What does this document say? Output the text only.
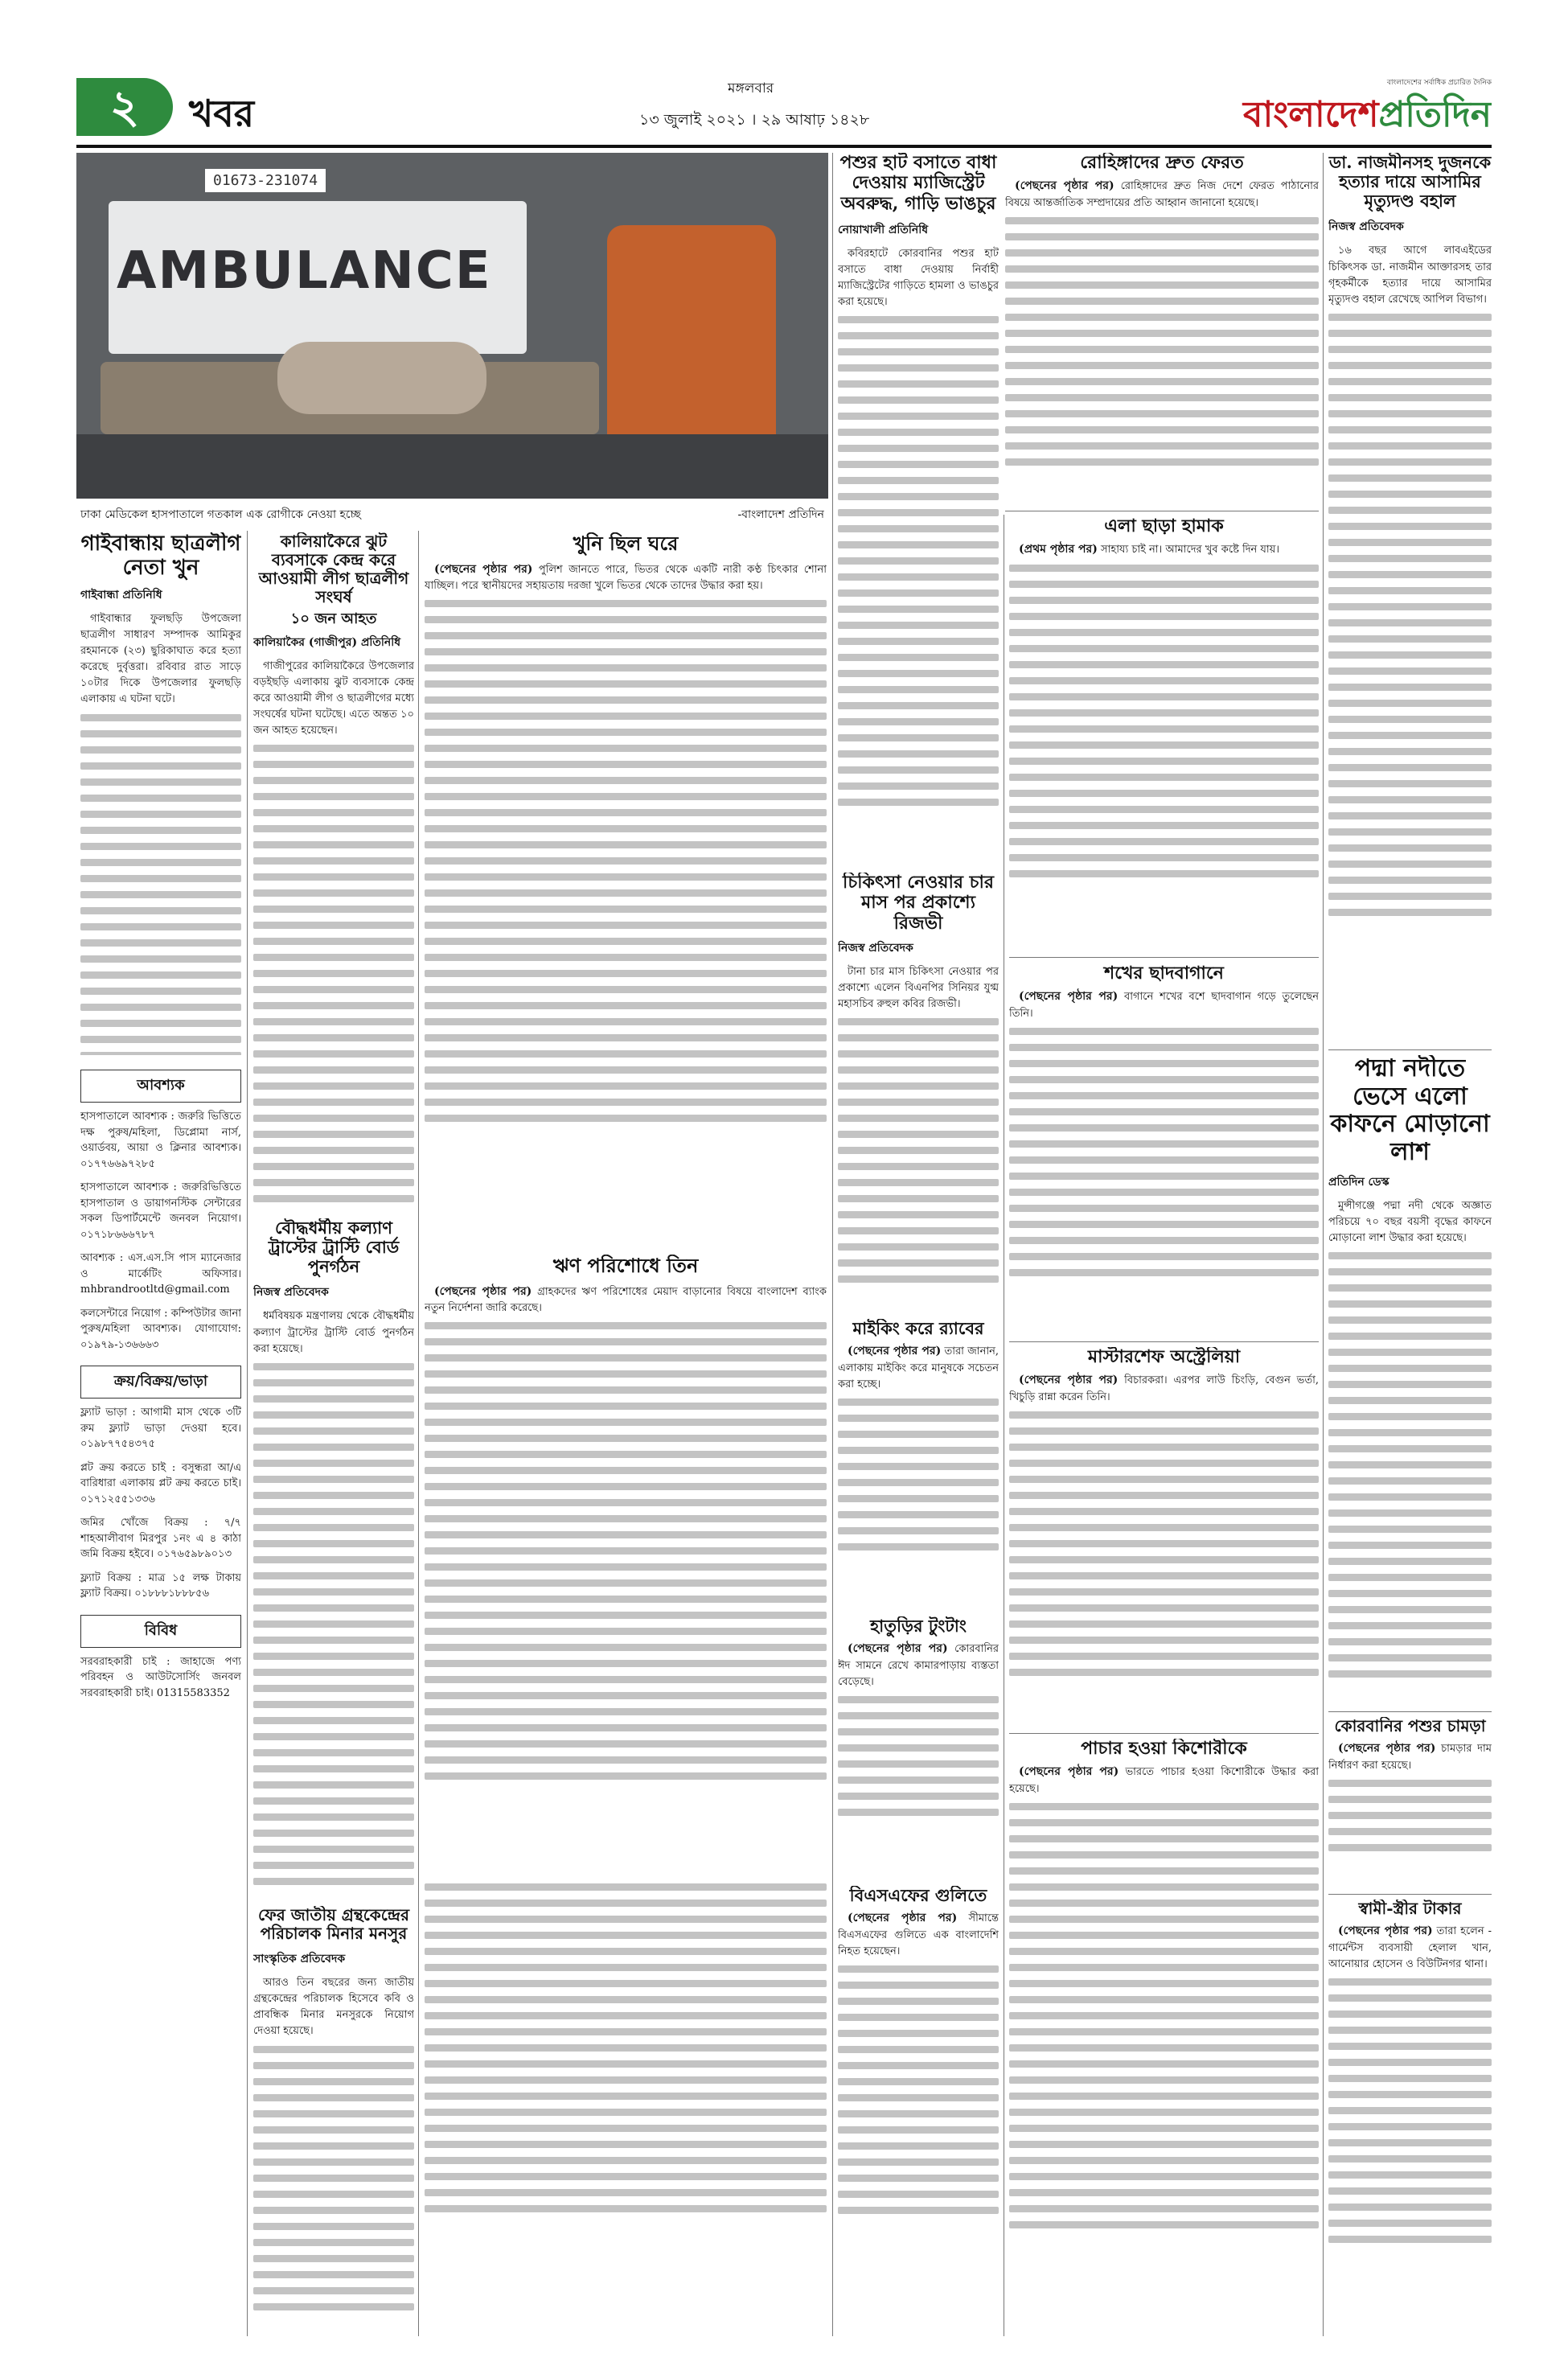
২	খবর
মঙ্গলবার
১৩ জুলাই ২০২১ । ২৯ আষাঢ় ১৪২৮
বাংলাদেশের সর্বাধিক প্রচারিত দৈনিক
বাংলাদেশপ্রতিদিন
01673-231074
AMBULANCE
ঢাকা মেডিকেল হাসপাতালে গতকাল এক রোগীকে নেওয়া হচ্ছে	-বাংলাদেশ প্রতিদিন
গাইবান্ধায় ছাত্রলীগ নেতা খুন
গাইবান্ধা প্রতিনিধি

গাইবান্ধার ফুলছড়ি উপজেলা ছাত্রলীগ সাধারণ সম্পাদক আমিকুর রহমানকে (২৩) ছুরিকাঘাত করে হত্যা করেছে দুর্বৃত্তরা। রবিবার রাত সাড়ে ১০টার দিকে উপজেলার ফুলছড়ি এলাকায় এ ঘটনা ঘটে।

আবশ্যক
হাসপাতালে আবশ্যক : জরুরি ভিত্তিতে দক্ষ পুরুষ/মহিলা, ডিপ্লোমা নার্স, ওয়ার্ডবয়, আয়া ও ক্লিনার আবশ্যক। ০১৭৭৬৬৯৭২৮৫
হাসপাতালে আবশ্যক : জরুরিভিত্তিতে হাসপাতাল ও ডায়াগনস্টিক সেন্টারের সকল ডিপার্টমেন্টে জনবল নিয়োগ। ০১৭১৮৬৬৬৭৮৭
আবশ্যক : এস.এস.সি পাস ম্যানেজার ও মার্কেটিং অফিসার। mhbrandrootltd@gmail.com
কলসেন্টারে নিয়োগ : কম্পিউটার জানা পুরুষ/মহিলা আবশ্যক। যোগাযোগ: ০১৯৭৯-১৩৬৬৬৩
ক্রয়/বিক্রয়/ভাড়া
ফ্ল্যাট ভাড়া : আগামী মাস থেকে ৩টি রুম ফ্ল্যাট ভাড়া দেওয়া হবে। ০১৯৮৭৭৫৪৩৭৫
প্লট ক্রয় করতে চাই : বসুন্ধরা আ/এ বারিধারা এলাকায় প্লট ক্রয় করতে চাই। ০১৭১২৫৫১৩৩৬
জমির খোঁজে বিক্রয় : ৭/৭ শাহআলীবাগ মিরপুর ১নং এ ৪ কাঠা জমি বিক্রয় হইবে। ০১৭৬৫৯৮৯০১৩
ফ্ল্যাট বিক্রয় : মাত্র ১৫ লক্ষ টাকায় ফ্ল্যাট বিক্রয়। ০১৮৮৮১৮৮৮৫৬
বিবিধ
সরবরাহকারী চাই : জাহাজে পণ্য পরিবহন ও আউটসোর্সিং জনবল সরবরাহকারী চাই। 01315583352
কালিয়াকৈরে ঝুট ব্যবসাকে কেন্দ্র করে আওয়ামী লীগ ছাত্রলীগ সংঘর্ষ
১০ জন আহত
কালিয়াকৈর (গাজীপুর) প্রতিনিধি

গাজীপুরের কালিয়াকৈরে উপজেলার বড়ইছড়ি এলাকায় ঝুট ব্যবসাকে কেন্দ্র করে আওয়ামী লীগ ও ছাত্রলীগের মধ্যে সংঘর্ষের ঘটনা ঘটেছে। এতে অন্তত ১০ জন আহত হয়েছেন।

বৌদ্ধধর্মীয় কল্যাণ ট্রাস্টের ট্রাস্টি বোর্ড পুনর্গঠন
নিজস্ব প্রতিবেদক

ধর্মবিষয়ক মন্ত্রণালয় থেকে বৌদ্ধধর্মীয় কল্যাণ ট্রাস্টের ট্রাস্টি বোর্ড পুনর্গঠন করা হয়েছে।

ফের জাতীয় গ্রন্থকেন্দ্রের পরিচালক মিনার মনসুর
সাংস্কৃতিক প্রতিবেদক

আরও তিন বছরের জন্য জাতীয় গ্রন্থকেন্দ্রের পরিচালক হিসেবে কবি ও প্রাবন্ধিক মিনার মনসুরকে নিয়োগ দেওয়া হয়েছে।

খুনি ছিল ঘরে

(পেছনের পৃষ্ঠার পর) পুলিশ জানতে পারে, ভিতর থেকে একটি নারী কণ্ঠ চিৎকার শোনা যাচ্ছিল। পরে স্থানীয়দের সহায়তায় দরজা খুলে ভিতর থেকে তাদের উদ্ধার করা হয়।

ঋণ পরিশোধে তিন

(পেছনের পৃষ্ঠার পর) গ্রাহকদের ঋণ পরিশোধের মেয়াদ বাড়ানোর বিষয়ে বাংলাদেশ ব্যাংক নতুন নির্দেশনা জারি করেছে।

পশুর হাট বসাতে বাধা দেওয়ায় ম্যাজিস্ট্রেট অবরুদ্ধ, গাড়ি ভাঙচুর
নোয়াখালী প্রতিনিধি

কবিরহাটে কোরবানির পশুর হাট বসাতে বাধা দেওয়ায় নির্বাহী ম্যাজিস্ট্রেটের গাড়িতে হামলা ও ভাঙচুর করা হয়েছে।

চিকিৎসা নেওয়ার চার মাস পর প্রকাশ্যে রিজভী
নিজস্ব প্রতিবেদক

টানা চার মাস চিকিৎসা নেওয়ার পর প্রকাশ্যে এলেন বিএনপির সিনিয়র যুগ্ম মহাসচিব রুহুল কবির রিজভী।

মাইকিং করে র‌্যাবের

(পেছনের পৃষ্ঠার পর) তারা জানান, এলাকায় মাইকিং করে মানুষকে সচেতন করা হচ্ছে।

হাতুড়ির টুংটাং

(পেছনের পৃষ্ঠার পর) কোরবানির ঈদ সামনে রেখে কামারপাড়ায় ব্যস্ততা বেড়েছে।

বিএসএফের গুলিতে

(পেছনের পৃষ্ঠার পর) সীমান্তে বিএসএফের গুলিতে এক বাংলাদেশি নিহত হয়েছেন।

রোহিঙ্গাদের দ্রুত ফেরত

(পেছনের পৃষ্ঠার পর) রোহিঙ্গাদের দ্রুত নিজ দেশে ফেরত পাঠানোর বিষয়ে আন্তর্জাতিক সম্প্রদায়ের প্রতি আহ্বান জানানো হয়েছে।

এলা ছাড়া হামাক

(প্রথম পৃষ্ঠার পর) সাহায্য চাই না। আমাদের খুব কষ্টে দিন যায়।

শখের ছাদবাগানে

(পেছনের পৃষ্ঠার পর) বাগানে শখের বশে ছাদবাগান গড়ে তুলেছেন তিনি।

মাস্টারশেফ অস্ট্রেলিয়া

(পেছনের পৃষ্ঠার পর) বিচারকরা। এরপর লাউ চিংড়ি, বেগুন ভর্তা, খিচুড়ি রান্না করেন তিনি।

পাচার হওয়া কিশোরীকে

(পেছনের পৃষ্ঠার পর) ভারতে পাচার হওয়া কিশোরীকে উদ্ধার করা হয়েছে।

ডা. নাজমীনসহ দুজনকে হত্যার দায়ে আসামির মৃত্যুদণ্ড বহাল
নিজস্ব প্রতিবেদক

১৬ বছর আগে লাবএইডের চিকিৎসক ডা. নাজমীন আক্তারসহ তার গৃহকর্মীকে হত্যার দায়ে আসামির মৃত্যুদণ্ড বহাল রেখেছে আপিল বিভাগ।

পদ্মা নদীতে ভেসে এলো কাফনে মোড়ানো লাশ
প্রতিদিন ডেস্ক

মুন্সীগঞ্জে পদ্মা নদী থেকে অজ্ঞাত পরিচয়ে ৭০ বছর বয়সী বৃদ্ধের কাফনে মোড়ানো লাশ উদ্ধার করা হয়েছে।

কোরবানির পশুর চামড়া

(পেছনের পৃষ্ঠার পর) চামড়ার দাম নির্ধারণ করা হয়েছে।

স্বামী-স্ত্রীর টাকার

(পেছনের পৃষ্ঠার পর) তারা হলেন - গার্মেন্টস ব্যবসায়ী হেলাল খান, আনোয়ার হোসেন ও বিউটিনগর থানা।
